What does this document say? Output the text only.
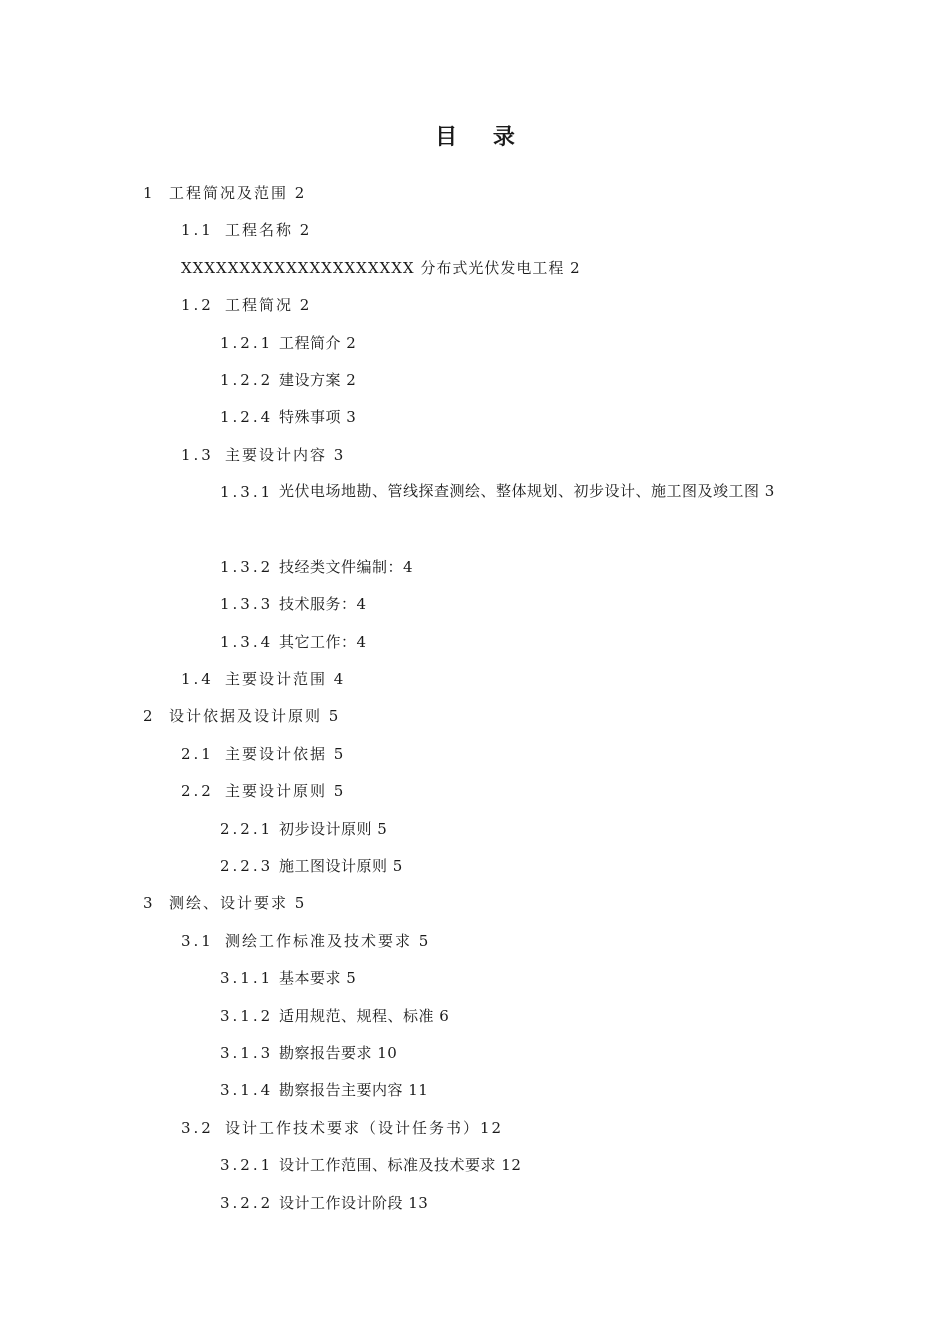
目 录
1 工程简况及范围 2
1.1 工程名称 2
XXXXXXXXXXXXXXXXXXXX 分布式光伏发电工程 2
1.2 工程简况 2
1.2.1 工程简介 2
1.2.2 建设方案 2
1.2.4 特殊事项 3
1.3 主要设计内容 3
1.3.1 光伏电场地勘、管线探查测绘、整体规划、初步设计、施工图及竣工图 3
1.3.2 技经类文件编制：4
1.3.3 技术服务：4
1.3.4 其它工作：4
1.4 主要设计范围 4
2 设计依据及设计原则 5
2.1 主要设计依据 5
2.2 主要设计原则 5
2.2.1 初步设计原则 5
2.2.3 施工图设计原则 5
3 测绘、设计要求 5
3.1 测绘工作标准及技术要求 5
3.1.1 基本要求 5
3.1.2 适用规范、规程、标准 6
3.1.3 勘察报告要求 10
3.1.4 勘察报告主要内容 11
3.2 设计工作技术要求（设计任务书）12
3.2.1 设计工作范围、标准及技术要求 12
3.2.2 设计工作设计阶段 13
